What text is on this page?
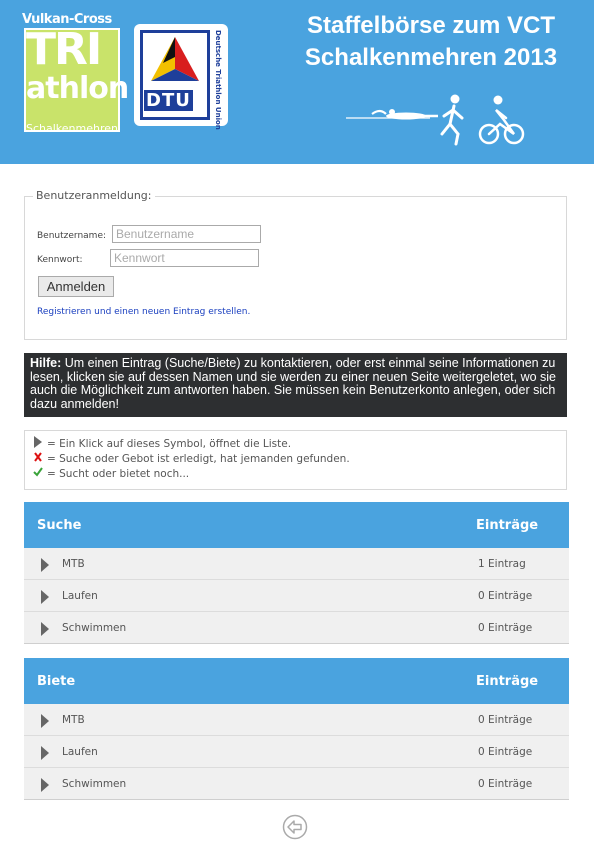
Vulkan-Cross
TRI
athlon
Schalkenmehren
DTU	Deutsche Triathlon Union
Staffelbörse zum VCT
Schalkenmehren 2013
Benutzeranmeldung:
Benutzername:
Benutzername
Kennwort:
Anmelden
Registrieren und einen neuen Eintrag erstellen.
Hilfe: Um einen Eintrag (Suche/Biete) zu kontaktieren, oder erst einmal seine Informationen zu lesen, klicken sie auf dessen Namen und sie werden zu einer neuen Seite weitergeletet, wo sie auch die Möglichkeit zum antworten haben. Sie müssen kein Benutzerkonto anlegen, oder sich dazu anmelden!
= Ein Klick auf dieses Symbol, öffnet die Liste.
= Suche oder Gebot ist erledigt, hat jemanden gefunden.
= Sucht oder bietet noch...
Suche	Einträge
MTB	1 Eintrag
Laufen	0 Einträge
Schwimmen	0 Einträge
Biete	Einträge
MTB	0 Einträge
Laufen	0 Einträge
Schwimmen	0 Einträge
